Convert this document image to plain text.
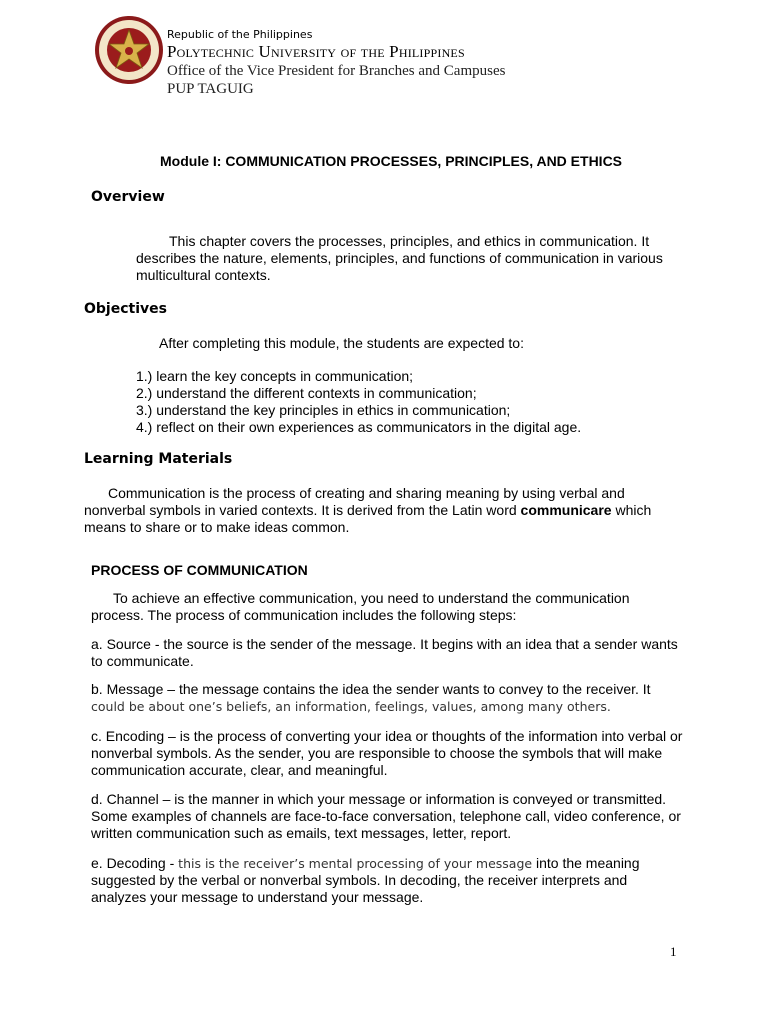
Republic of the Philippines
Polytechnic University of the Philippines
Office of the Vice President for Branches and Campuses
PUP TAGUIG
Module I: COMMUNICATION PROCESSES, PRINCIPLES, AND ETHICS
Overview
This chapter covers the processes, principles, and ethics in communication. It
describes the nature, elements, principles, and functions of communication in various
multicultural contexts.
Objectives
After completing this module, the students are expected to:
1.) learn the key concepts in communication;
2.) understand the different contexts in communication;
3.) understand the key principles in ethics in communication;
4.) reflect on their own experiences as communicators in the digital age.
Learning Materials
Communication is the process of creating and sharing meaning by using verbal and
nonverbal symbols in varied contexts. It is derived from the Latin word communicare which
means to share or to make ideas common.
PROCESS OF COMMUNICATION
To achieve an effective communication, you need to understand the communication
process. The process of communication includes the following steps:
a. Source - the source is the sender of the message. It begins with an idea that a sender wants
to communicate.
b. Message – the message contains the idea the sender wants to convey to the receiver. It
could be about one’s beliefs, an information, feelings, values, among many others.
c. Encoding – is the process of converting your idea or thoughts of the information into verbal or
nonverbal symbols. As the sender, you are responsible to choose the symbols that will make
communication accurate, clear, and meaningful.
d. Channel – is the manner in which your message or information is conveyed or transmitted.
Some examples of channels are face-to-face conversation, telephone call, video conference, or
written communication such as emails, text messages, letter, report.
e. Decoding - this is the receiver’s mental processing of your message into the meaning
suggested by the verbal or nonverbal symbols. In decoding, the receiver interprets and
analyzes your message to understand your message.
1
